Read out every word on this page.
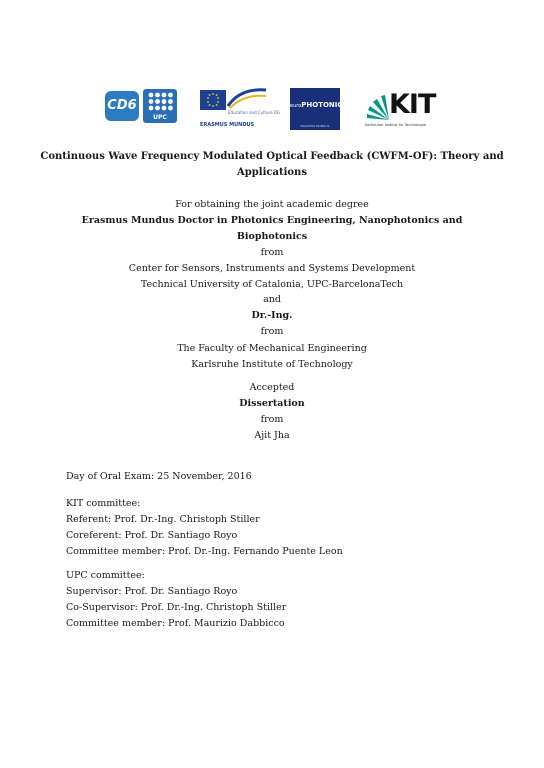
CD6
UPC
Education and Culture DG
ERASMUS MUNDUS
euroPHOTONICS
ERASMUS MUNDUS
KIT
Karlsruher Institut für Technologie
Continuous Wave Frequency Modulated Optical Feedback (CWFM-OF): Theory and Applications
For obtaining the joint academic degree
Erasmus Mundus Doctor in Photonics Engineering, Nanophotonics and
Biophotonics
from
Center for Sensors, Instruments and Systems Development
Technical University of Catalonia, UPC-BarcelonaTech
and
Dr.-Ing.
from
The Faculty of Mechanical Engineering
Karlsruhe Institute of Technology
Accepted
Dissertation
from
Ajit Jha
Day of Oral Exam: 25 November, 2016
KIT committee:
Referent: Prof. Dr.-Ing. Christoph Stiller
Coreferent: Prof. Dr. Santiago Royo
Committee member: Prof. Dr.-Ing. Fernando Puente Leon
UPC committee:
Supervisor: Prof. Dr. Santiago Royo
Co-Supervisor: Prof. Dr.-Ing. Christoph Stiller
Committee member: Prof. Maurizio Dabbicco
